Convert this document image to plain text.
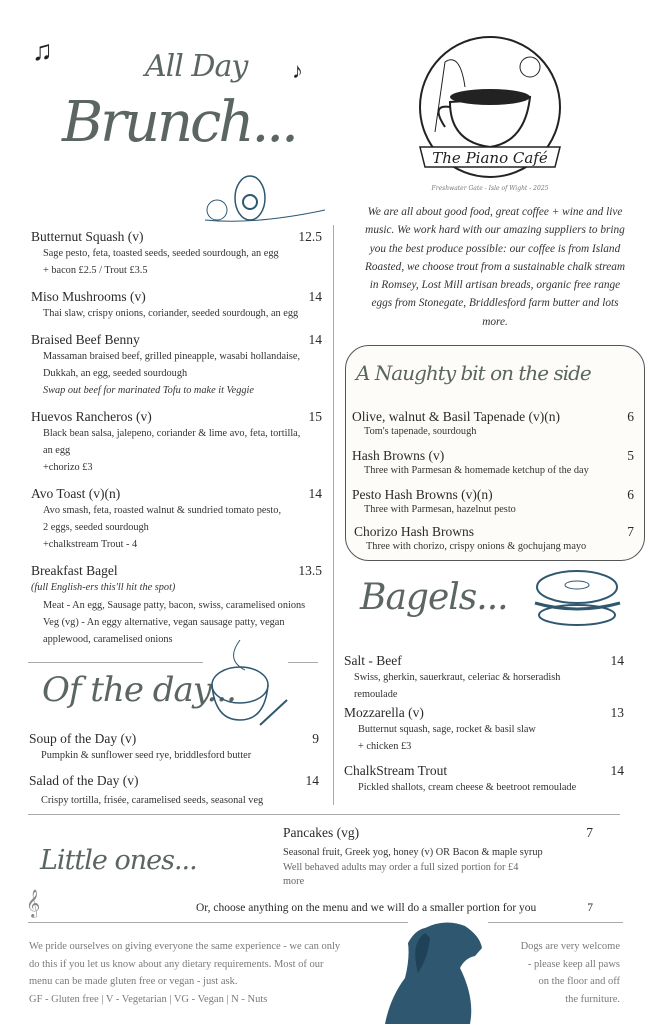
♫
♪
All Day
Brunch...
The Piano Café
Freshwater Gate - Isle of Wight - 2025
We are all about good food, great coffee + wine and live music. We work hard with our amazing suppliers to bring you the best produce possible: our coffee is from Island Roasted, we choose trout from a sustainable chalk stream in Romsey, Lost Mill artisan breads, organic free range eggs from Stonegate, Briddlesford farm butter and lots more.
Butternut Squash (v)	12.5
Sage pesto, feta, toasted seeds, seeded sourdough, an egg
+ bacon £2.5 / Trout £3.5
Miso Mushrooms (v)	14
Thai slaw, crispy onions, coriander, seeded sourdough, an egg
Braised Beef Benny	14
Massaman braised beef, grilled pineapple, wasabi hollandaise,
Dukkah, an egg, seeded sourdough
Swap out beef for marinated Tofu to make it Veggie
Huevos Rancheros (v)	15
Black bean salsa, jalepeno, coriander & lime avo, feta, tortilla,
an egg
+chorizo £3
Avo Toast (v)(n)	14
Avo smash, feta, roasted walnut & sundried tomato pesto,
2 eggs, seeded sourdough
+chalkstream Trout - 4
Breakfast Bagel	13.5
(full English-ers this'll hit the spot)
Meat - An egg, Sausage patty, bacon, swiss, caramelised onions
Veg (vg) - An eggy alternative, vegan sausage patty, vegan
applewood, caramelised onions
Of the day...
Soup of the Day (v)	9
Pumpkin & sunflower seed rye, briddlesford butter
Salad of the Day (v)	14
Crispy tortilla, frisée, caramelised seeds, seasonal veg
A Naughty bit on the side
Olive, walnut & Basil Tapenade (v)(n)	6
Tom's tapenade, sourdough
Hash Browns (v)	5
Three with Parmesan & homemade ketchup of the day
Pesto Hash Browns (v)(n)	6
Three with Parmesan, hazelnut pesto
Chorizo Hash Browns	7
Three with chorizo, crispy onions & gochujang mayo
Bagels...
Salt - Beef	14
Swiss, gherkin, sauerkraut, celeriac & horseradish
remoulade
Mozzarella (v)	13
Butternut squash, sage, rocket & basil slaw
+ chicken £3
ChalkStream Trout	14
Pickled shallots, cream cheese & beetroot remoulade
Little ones...
Pancakes (vg)	7
Seasonal fruit, Greek yog, honey (v) OR Bacon & maple syrup
Well behaved adults may order a full sized portion for £4 more
Or, choose anything on the menu and we will do a smaller portion for you	7
𝄞
We pride ourselves on giving everyone the same experience - we can only
do this if you let us know about any dietary requirements. Most of our
menu can be made gluten free or vegan - just ask.
GF - Gluten free | V - Vegetarian | VG - Vegan | N - Nuts
Dogs are very welcome
- please keep all paws
on the floor and off
the furniture.
